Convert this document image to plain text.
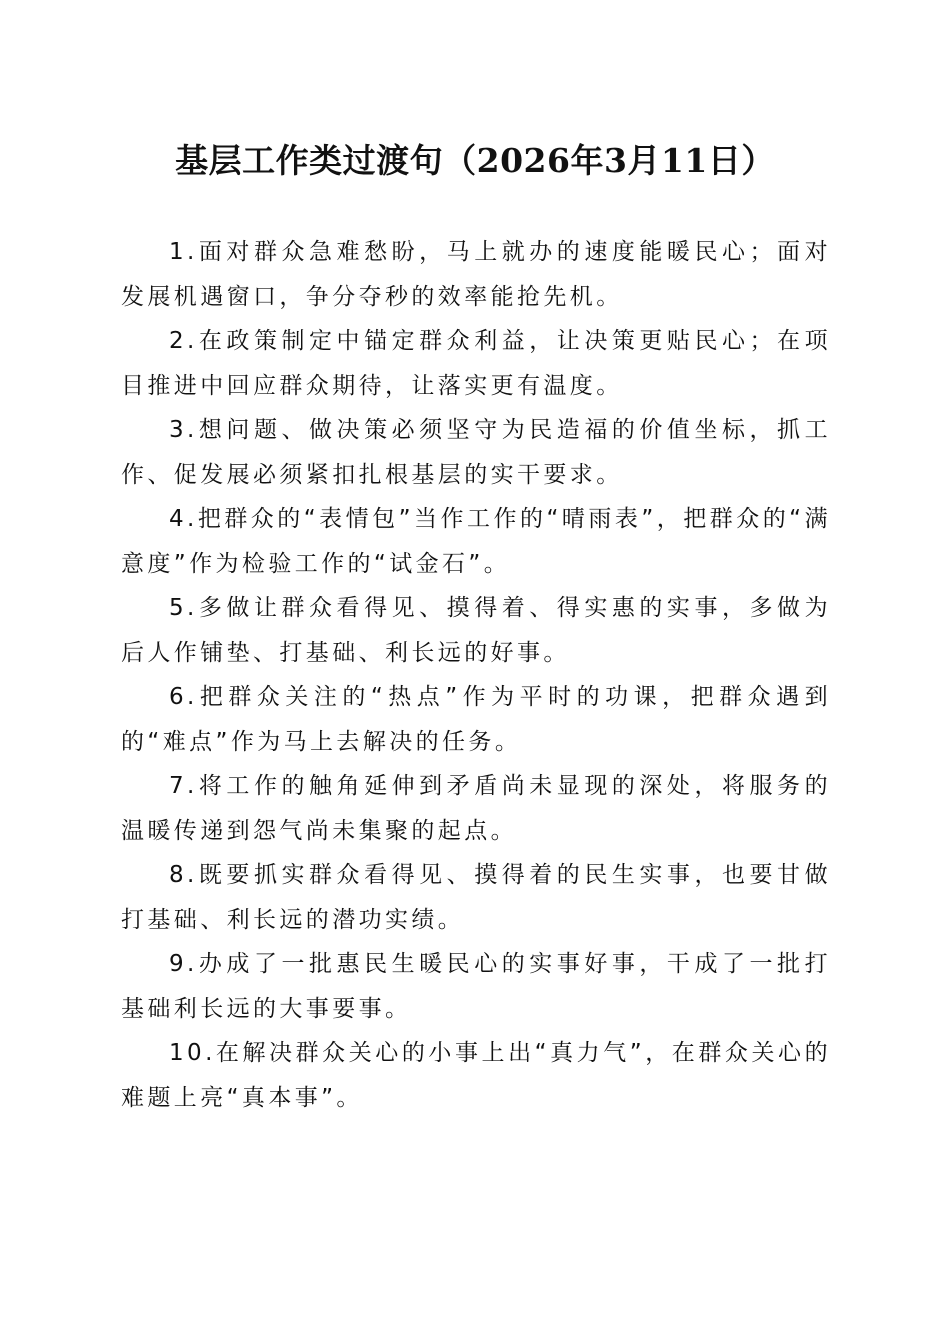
基层工作类过渡句（2026年3月11日）

1.面对群众急难愁盼，马上就办的速度能暖民心；面对发展机遇窗口，争分夺秒的效率能抢先机。

2.在政策制定中锚定群众利益，让决策更贴民心；在项目推进中回应群众期待，让落实更有温度。

3.想问题、做决策必须坚守为民造福的价值坐标，抓工作、促发展必须紧扣扎根基层的实干要求。

4.把群众的“表情包”当作工作的“晴雨表”，把群众的“满意度”作为检验工作的“试金石”。

5.多做让群众看得见、摸得着、得实惠的实事，多做为后人作铺垫、打基础、利长远的好事。

6.把群众关注的“热点”作为平时的功课，把群众遇到的“难点”作为马上去解决的任务。

7.将工作的触角延伸到矛盾尚未显现的深处，将服务的温暖传递到怨气尚未集聚的起点。

8.既要抓实群众看得见、摸得着的民生实事，也要甘做打基础、利长远的潜功实绩。

9.办成了一批惠民生暖民心的实事好事，干成了一批打基础利长远的大事要事。

10.在解决群众关心的小事上出“真力气”，在群众关心的难题上亮“真本事”。
